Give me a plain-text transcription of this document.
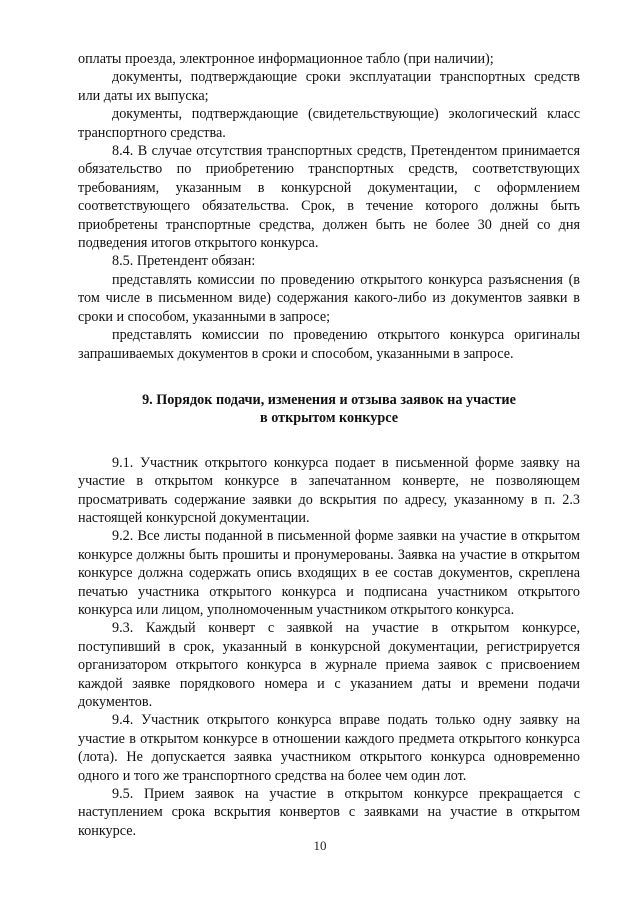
оплаты проезда, электронное информационное табло (при наличии);

документы, подтверждающие сроки эксплуатации транспортных средств или даты их выпуска;

документы, подтверждающие (свидетельствующие) экологический класс транспортного средства.

8.4. В случае отсутствия транспортных средств, Претендентом принимается обязательство по приобретению транспортных средств, соответствующих требованиям, указанным в конкурсной документации, с оформлением соответствующего обязательства. Срок, в течение которого должны быть приобретены транспортные средства, должен быть не более 30 дней со дня подведения итогов открытого конкурса.

8.5. Претендент обязан:

представлять комиссии по проведению открытого конкурса разъяснения (в том числе в письменном виде) содержания какого-либо из документов заявки в сроки и способом, указанными в запросе;

представлять комиссии по проведению открытого конкурса оригиналы запрашиваемых документов в сроки и способом, указанными в запросе.

9. Порядок подачи, изменения и отзыва заявок на участие
в открытом конкурсе

9.1. Участник открытого конкурса подает в письменной форме заявку на участие в открытом конкурсе в запечатанном конверте, не позволяющем просматривать содержание заявки до вскрытия по адресу, указанному в п. 2.3 настоящей конкурсной документации.

9.2. Все листы поданной в письменной форме заявки на участие в открытом конкурсе должны быть прошиты и пронумерованы. Заявка на участие в открытом конкурсе должна содержать опись входящих в ее состав документов, скреплена печатью участника открытого конкурса и подписана участником открытого конкурса или лицом, уполномоченным участником открытого конкурса.

9.3. Каждый конверт с заявкой на участие в открытом конкурсе, поступивший в срок, указанный в конкурсной документации, регистрируется организатором открытого конкурса в журнале приема заявок с присвоением каждой заявке порядкового номера и с указанием даты и времени подачи документов.

9.4. Участник открытого конкурса вправе подать только одну заявку на участие в открытом конкурсе в отношении каждого предмета открытого конкурса (лота). Не допускается заявка участником открытого конкурса одновременно одного и того же транспортного средства на более чем один лот.

9.5. Прием заявок на участие в открытом конкурсе прекращается с наступлением срока вскрытия конвертов с заявками на участие в открытом конкурсе.

10
